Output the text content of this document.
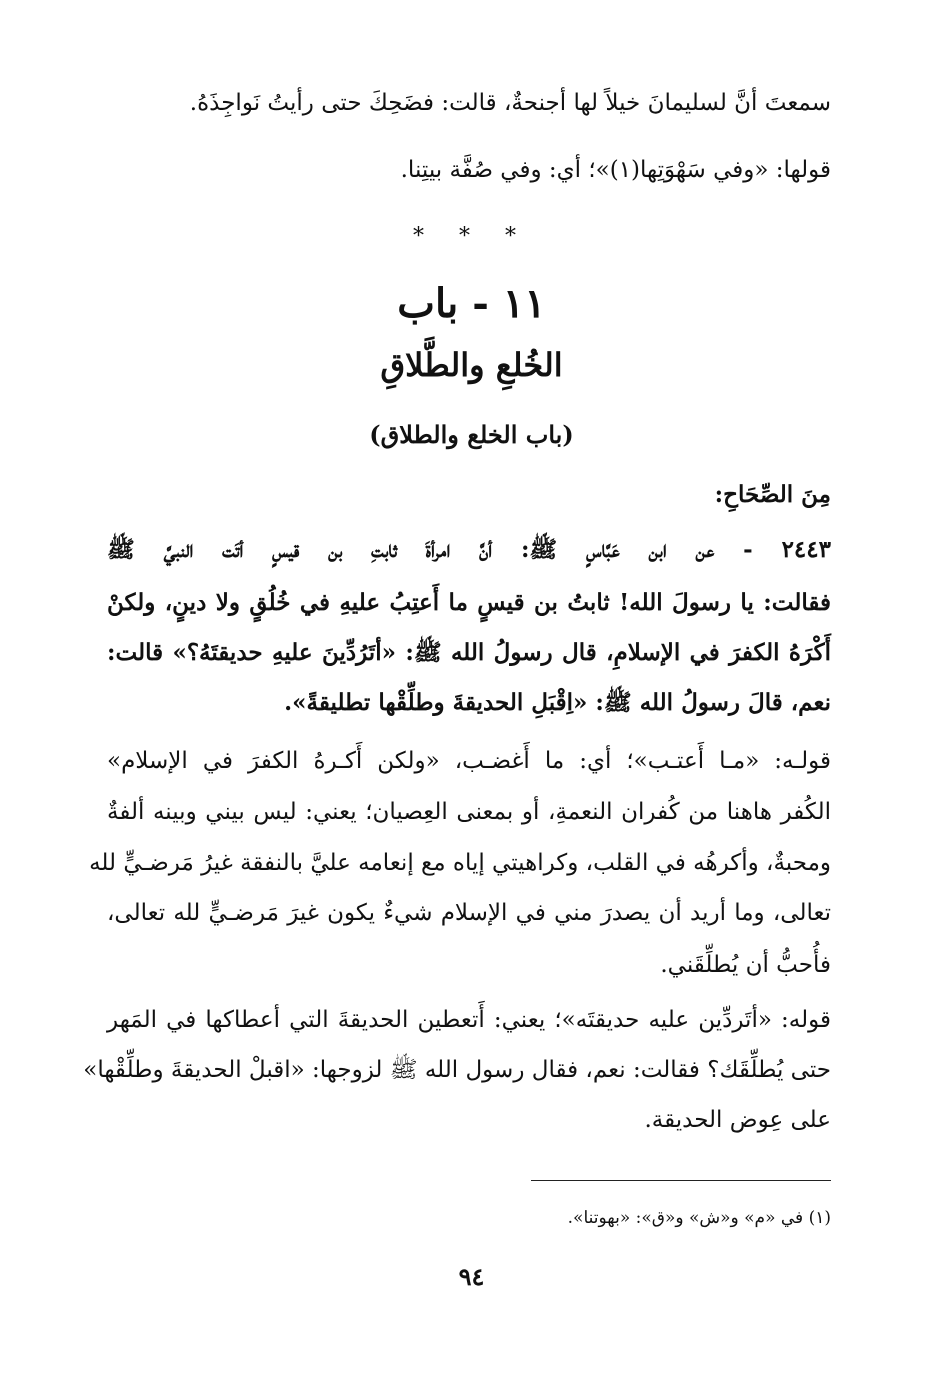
سمعتَ أنَّ لسليمانَ خيلاً لها أجنحةٌ، قالت: فضَحِكَ حتى رأيتُ نَواجِذَهُ.
قولها: «وفي سَهْوَتِها(١)»؛ أي: وفي صُفَّة بيتِنا.
* * *
١١ - باب
الخُلعِ والطَّلاقِ
(باب الخلع والطلاق)
مِنَ الصِّحَاحِ:
٢٤٤٣ - عن ابن عَبَّاسٍ ﷺ: أنَّ امرأةَ ثابتِ بن قيسٍ أتَت النبيَّ ﷺ
فقالت: يا رسولَ الله! ثابتُ بن قيسٍ ما أَعتِبُ عليهِ في خُلُقٍ ولا دينٍ، ولكنْ
أَكْرَهُ الكفرَ في الإسلامِ، قال رسولُ الله ﷺ: «أتَرُدِّينَ عليهِ حديقتَهُ؟» قالت:
نعم، قالَ رسولُ الله ﷺ: «اِقْبَلِ الحديقةَ وطلِّقْها تطليقةً».
قولـه: «مـا أَعتـب»؛ أي: ما أَغضـب، «ولكن أَكـرهُ الكفرَ في الإسلام»
الكُفر هاهنا من كُفران النعمةِ، أو بمعنى العِصيان؛ يعني: ليس بيني وبينه ألفةٌ
ومحبةٌ، وأكرهُه في القلب، وكراهيتي إياه مع إنعامه عليَّ بالنفقة غيرُ مَرضـيٍّ لله
تعالى، وما أريد أن يصدرَ مني في الإسلام شيءٌ يكون غيرَ مَرضـيٍّ لله تعالى،
فأُحبُّ أن يُطلِّقَني.
قوله: «أتَردِّين عليه حديقتَه»؛ يعني: أَتعطين الحديقةَ التي أعطاكها في المَهر
حتى يُطلِّقَك؟ فقالت: نعم، فقال رسول الله ﷺ لزوجها: «اقبلْ الحديقةَ وطلِّقْها»
على عِوض الحديقة.
(١) في «م» و«ش» و«ق»: «بهوتنا».
٩٤
